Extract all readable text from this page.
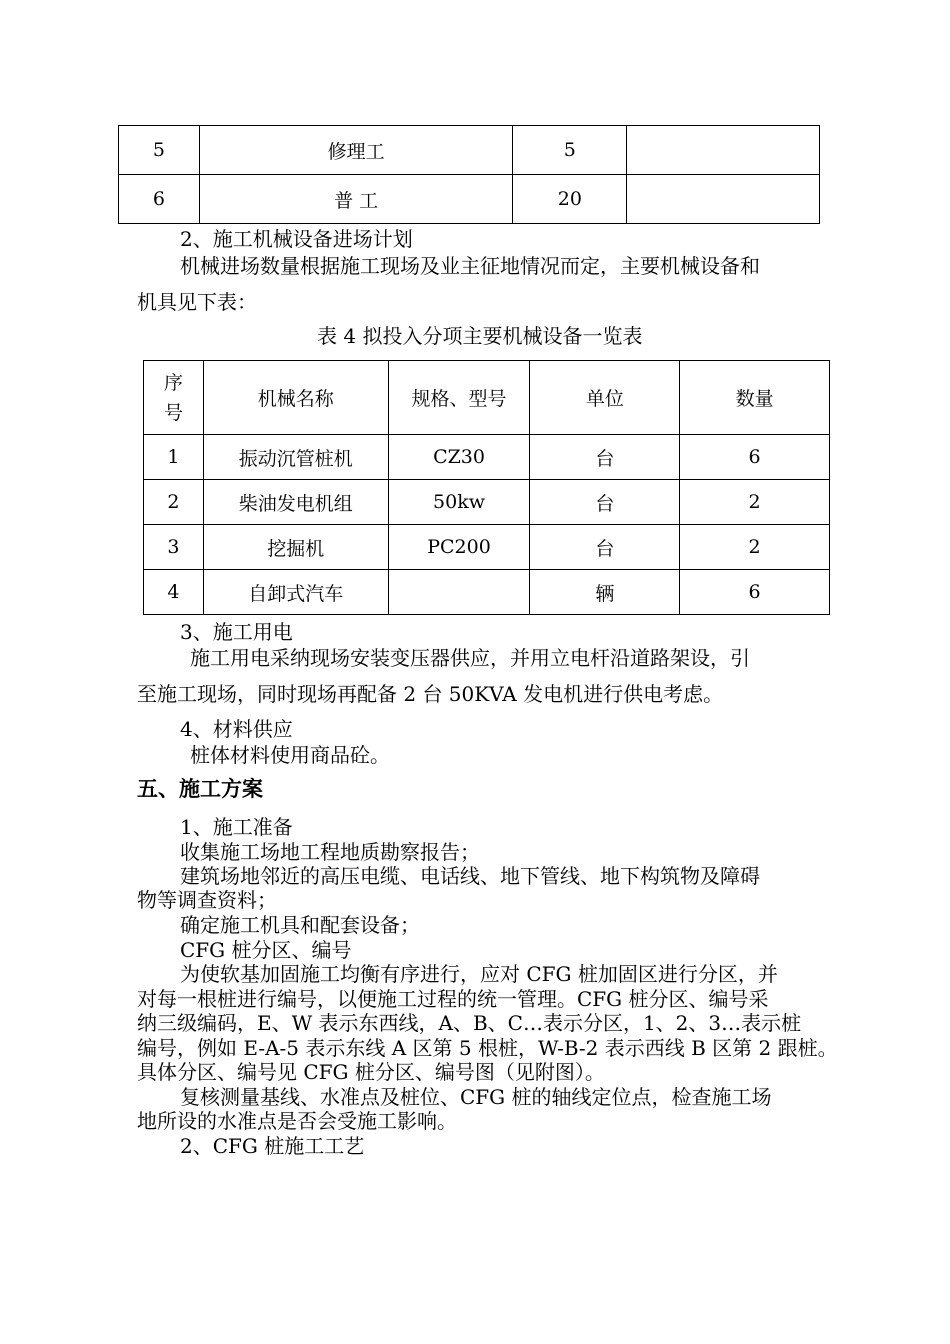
5	修理工	5	
6	普 工	20	
2、施工机械设备进场计划
机械进场数量根据施工现场及业主征地情况而定，主要机械设备和
机具见下表：
表 4 拟投入分项主要机械设备一览表
序
号	机械名称	规格、型号	单位	数量
1	振动沉管桩机	CZ30	台	6
2	柴油发电机组	50kw	台	2
3	挖掘机	PC200	台	2
4	自卸式汽车		辆	6
3、施工用电
施工用电采纳现场安装变压器供应，并用立电杆沿道路架设，引
至施工现场，同时现场再配备 2 台 50KVA 发电机进行供电考虑。
4、材料供应
桩体材料使用商品砼。
五、施工方案
1、施工准备
收集施工场地工程地质勘察报告；
建筑场地邻近的高压电缆、电话线、地下管线、地下构筑物及障碍
物等调查资料；
确定施工机具和配套设备；
CFG 桩分区、编号
为使软基加固施工均衡有序进行，应对 CFG 桩加固区进行分区，并
对每一根桩进行编号，以便施工过程的统一管理。CFG 桩分区、编号采
纳三级编码，E、W 表示东西线，A、B、C…表示分区，1、2、3…表示桩
编号，例如 E-A-5 表示东线 A 区第 5 根桩，W-B-2 表示西线 B 区第 2 跟桩。
具体分区、编号见 CFG 桩分区、编号图（见附图）。
复核测量基线、水准点及桩位、CFG 桩的轴线定位点，检查施工场
地所设的水准点是否会受施工影响。
2、CFG 桩施工工艺
